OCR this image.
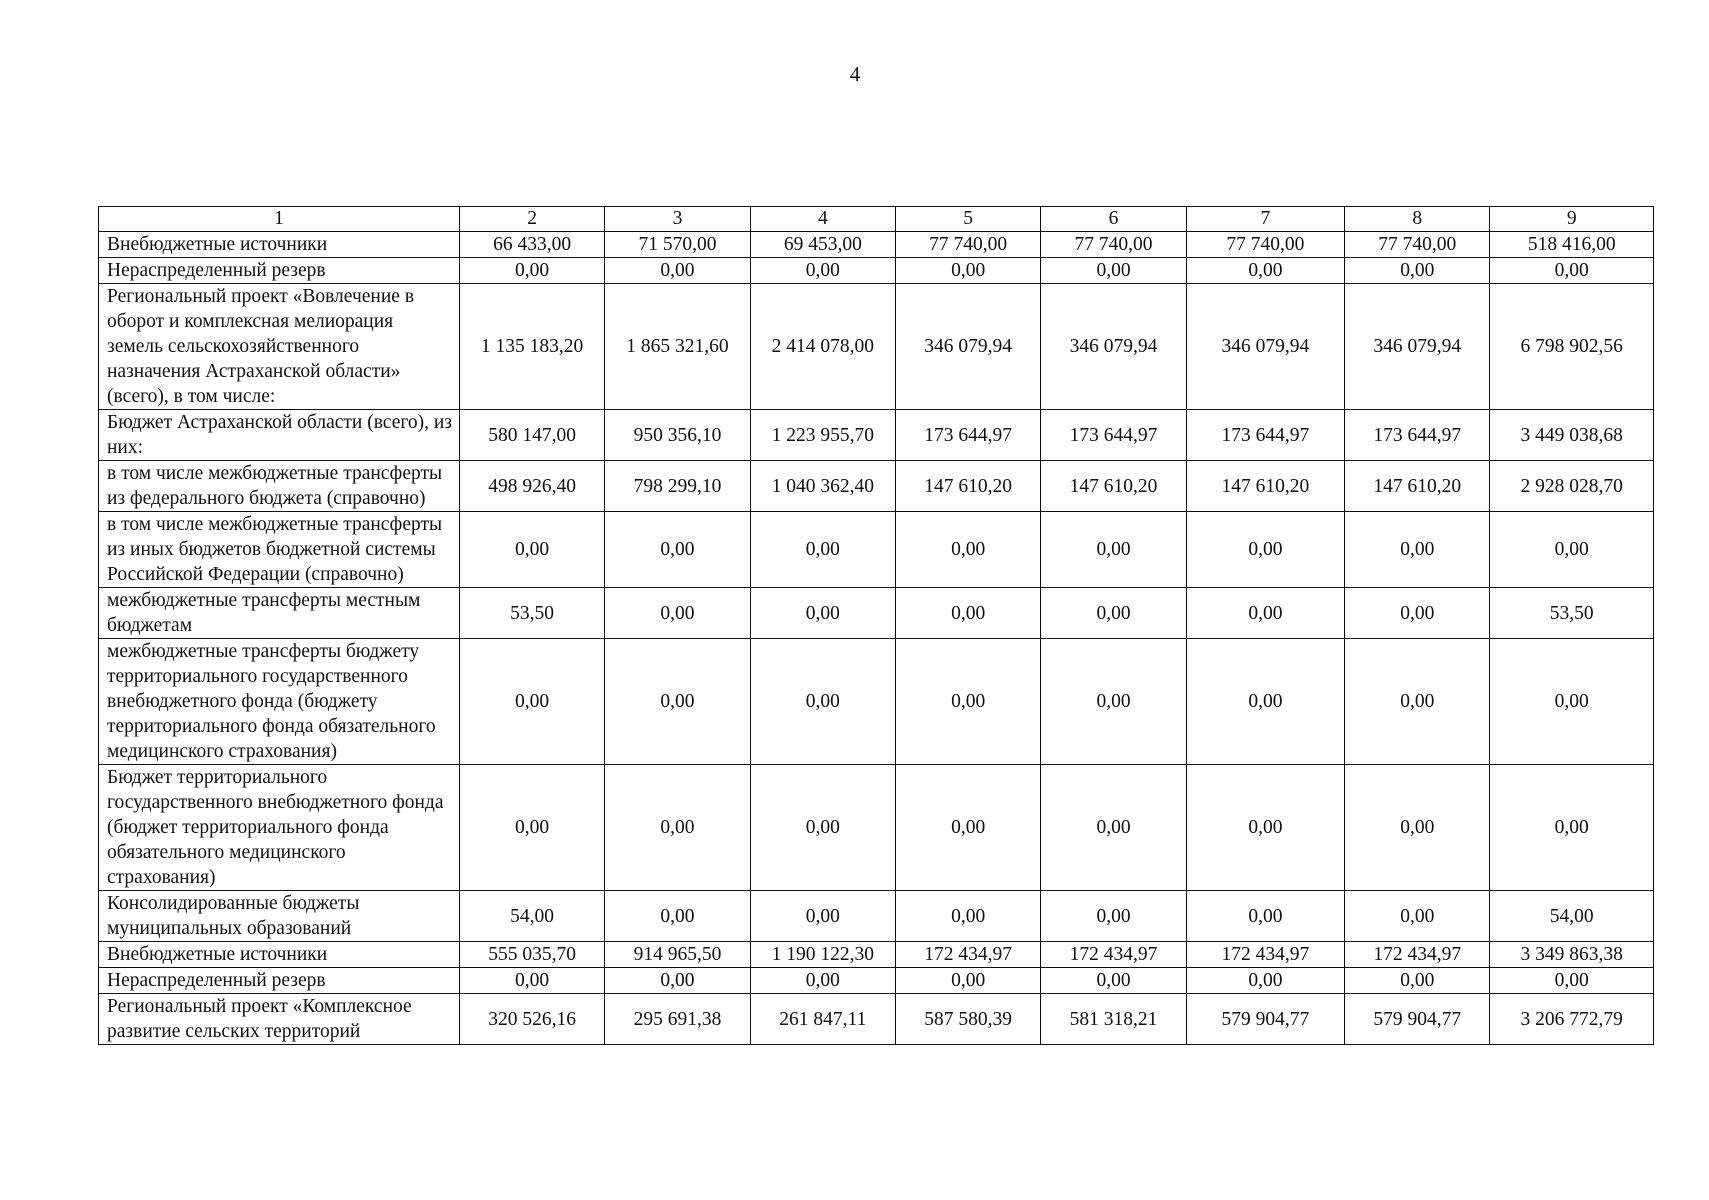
4
1	2	3	4	5	6	7	8	9
Внебюджетные источники	66 433,00	71 570,00	69 453,00	77 740,00	77 740,00	77 740,00	77 740,00	518 416,00
Нераспределенный резерв	0,00	0,00	0,00	0,00	0,00	0,00	0,00	0,00
Региональный проект «Вовлечение в оборот и комплексная мелиорация земель сельскохозяйственного назначения Астраханской области» (всего), в том числе:	1 135 183,20	1 865 321,60	2 414 078,00	346 079,94	346 079,94	346 079,94	346 079,94	6 798 902,56
Бюджет Астраханской области (всего), из них:	580 147,00	950 356,10	1 223 955,70	173 644,97	173 644,97	173 644,97	173 644,97	3 449 038,68
в том числе межбюджетные трансферты из федерального бюджета (справочно)	498 926,40	798 299,10	1 040 362,40	147 610,20	147 610,20	147 610,20	147 610,20	2 928 028,70
в том числе межбюджетные трансферты из иных бюджетов бюджетной системы Российской Федерации (справочно)	0,00	0,00	0,00	0,00	0,00	0,00	0,00	0,00
межбюджетные трансферты местным бюджетам	53,50	0,00	0,00	0,00	0,00	0,00	0,00	53,50
межбюджетные трансферты бюджету территориального государственного внебюджетного фонда (бюджету территориального фонда обязательного медицинского страхования)	0,00	0,00	0,00	0,00	0,00	0,00	0,00	0,00
Бюджет территориального государственного внебюджетного фонда (бюджет территориального фонда обязательного медицинского страхования)	0,00	0,00	0,00	0,00	0,00	0,00	0,00	0,00
Консолидированные бюджеты муниципальных образований	54,00	0,00	0,00	0,00	0,00	0,00	0,00	54,00
Внебюджетные источники	555 035,70	914 965,50	1 190 122,30	172 434,97	172 434,97	172 434,97	172 434,97	3 349 863,38
Нераспределенный резерв	0,00	0,00	0,00	0,00	0,00	0,00	0,00	0,00
Региональный проект «Комплексное развитие сельских территорий	320 526,16	295 691,38	261 847,11	587 580,39	581 318,21	579 904,77	579 904,77	3 206 772,79
